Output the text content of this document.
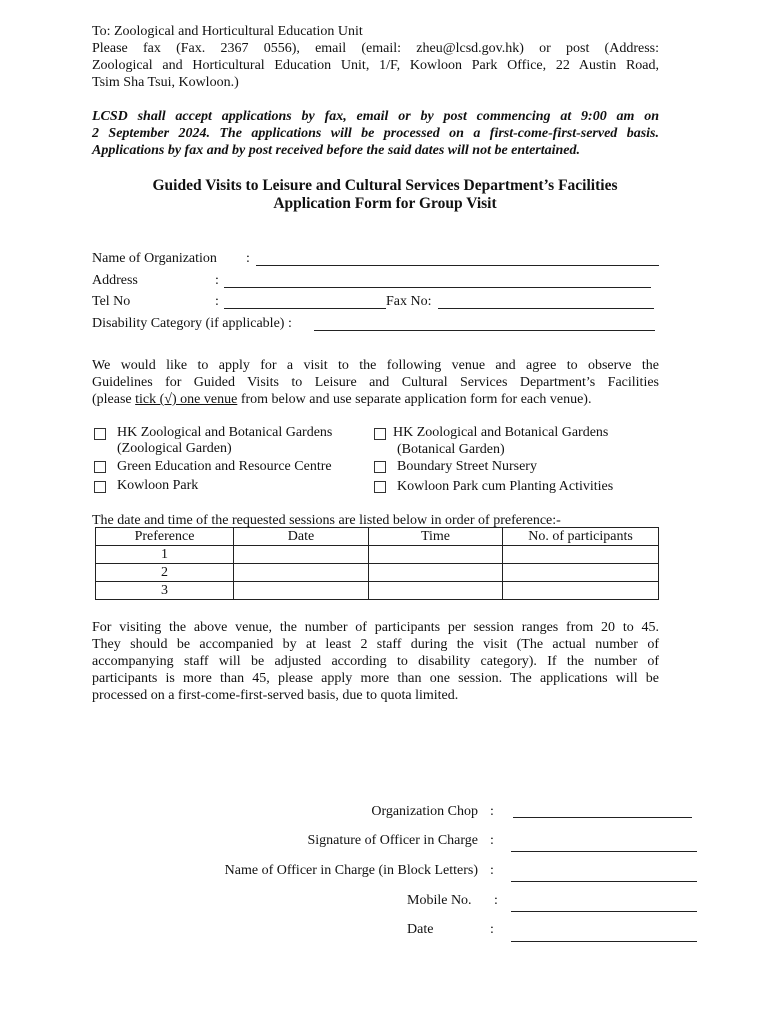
To: Zoological and Horticultural Education Unit
Please fax (Fax. 2367 0556), email (email: zheu@lcsd.gov.hk) or post (Address:
Zoological and Horticultural Education Unit, 1/F, Kowloon Park Office, 22 Austin Road,
Tsim Sha Tsui, Kowloon.)
LCSD shall accept applications by fax, email or by post commencing at 9:00 am on
2 September 2024. The applications will be processed on a first-come-first-served basis.
Applications by fax and by post received before the said dates will not be entertained.
Guided Visits to Leisure and Cultural Services Department’s Facilities
Application Form for Group Visit
Name of Organization :
Address	:
Tel No	:	Fax No:
Disability Category (if applicable) :
We would like to apply for a visit to the following venue and agree to observe the
Guidelines for Guided Visits to Leisure and Cultural Services Department’s Facilities
(please tick (√) one venue from below and use separate application form for each venue).
HK Zoological and Botanical Gardens
(Zoological Garden)
Green Education and Resource Centre
Kowloon Park
HK Zoological and Botanical Gardens
(Botanical Garden)
Boundary Street Nursery
Kowloon Park cum Planting Activities
The date and time of the requested sessions are listed below in order of preference:-
Preference	Date	Time	No. of participants
1			
2			
3			
For visiting the above venue, the number of participants per session ranges from 20 to 45.
They should be accompanied by at least 2 staff during the visit (The actual number of
accompanying staff will be adjusted according to disability category). If the number of
participants is more than 45, please apply more than one session. The applications will be
processed on a first-come-first-served basis, due to quota limited.
Organization Chop :
Signature of Officer in Charge :
Name of Officer in Charge (in Block Letters) :
Mobile No. :
Date	:
